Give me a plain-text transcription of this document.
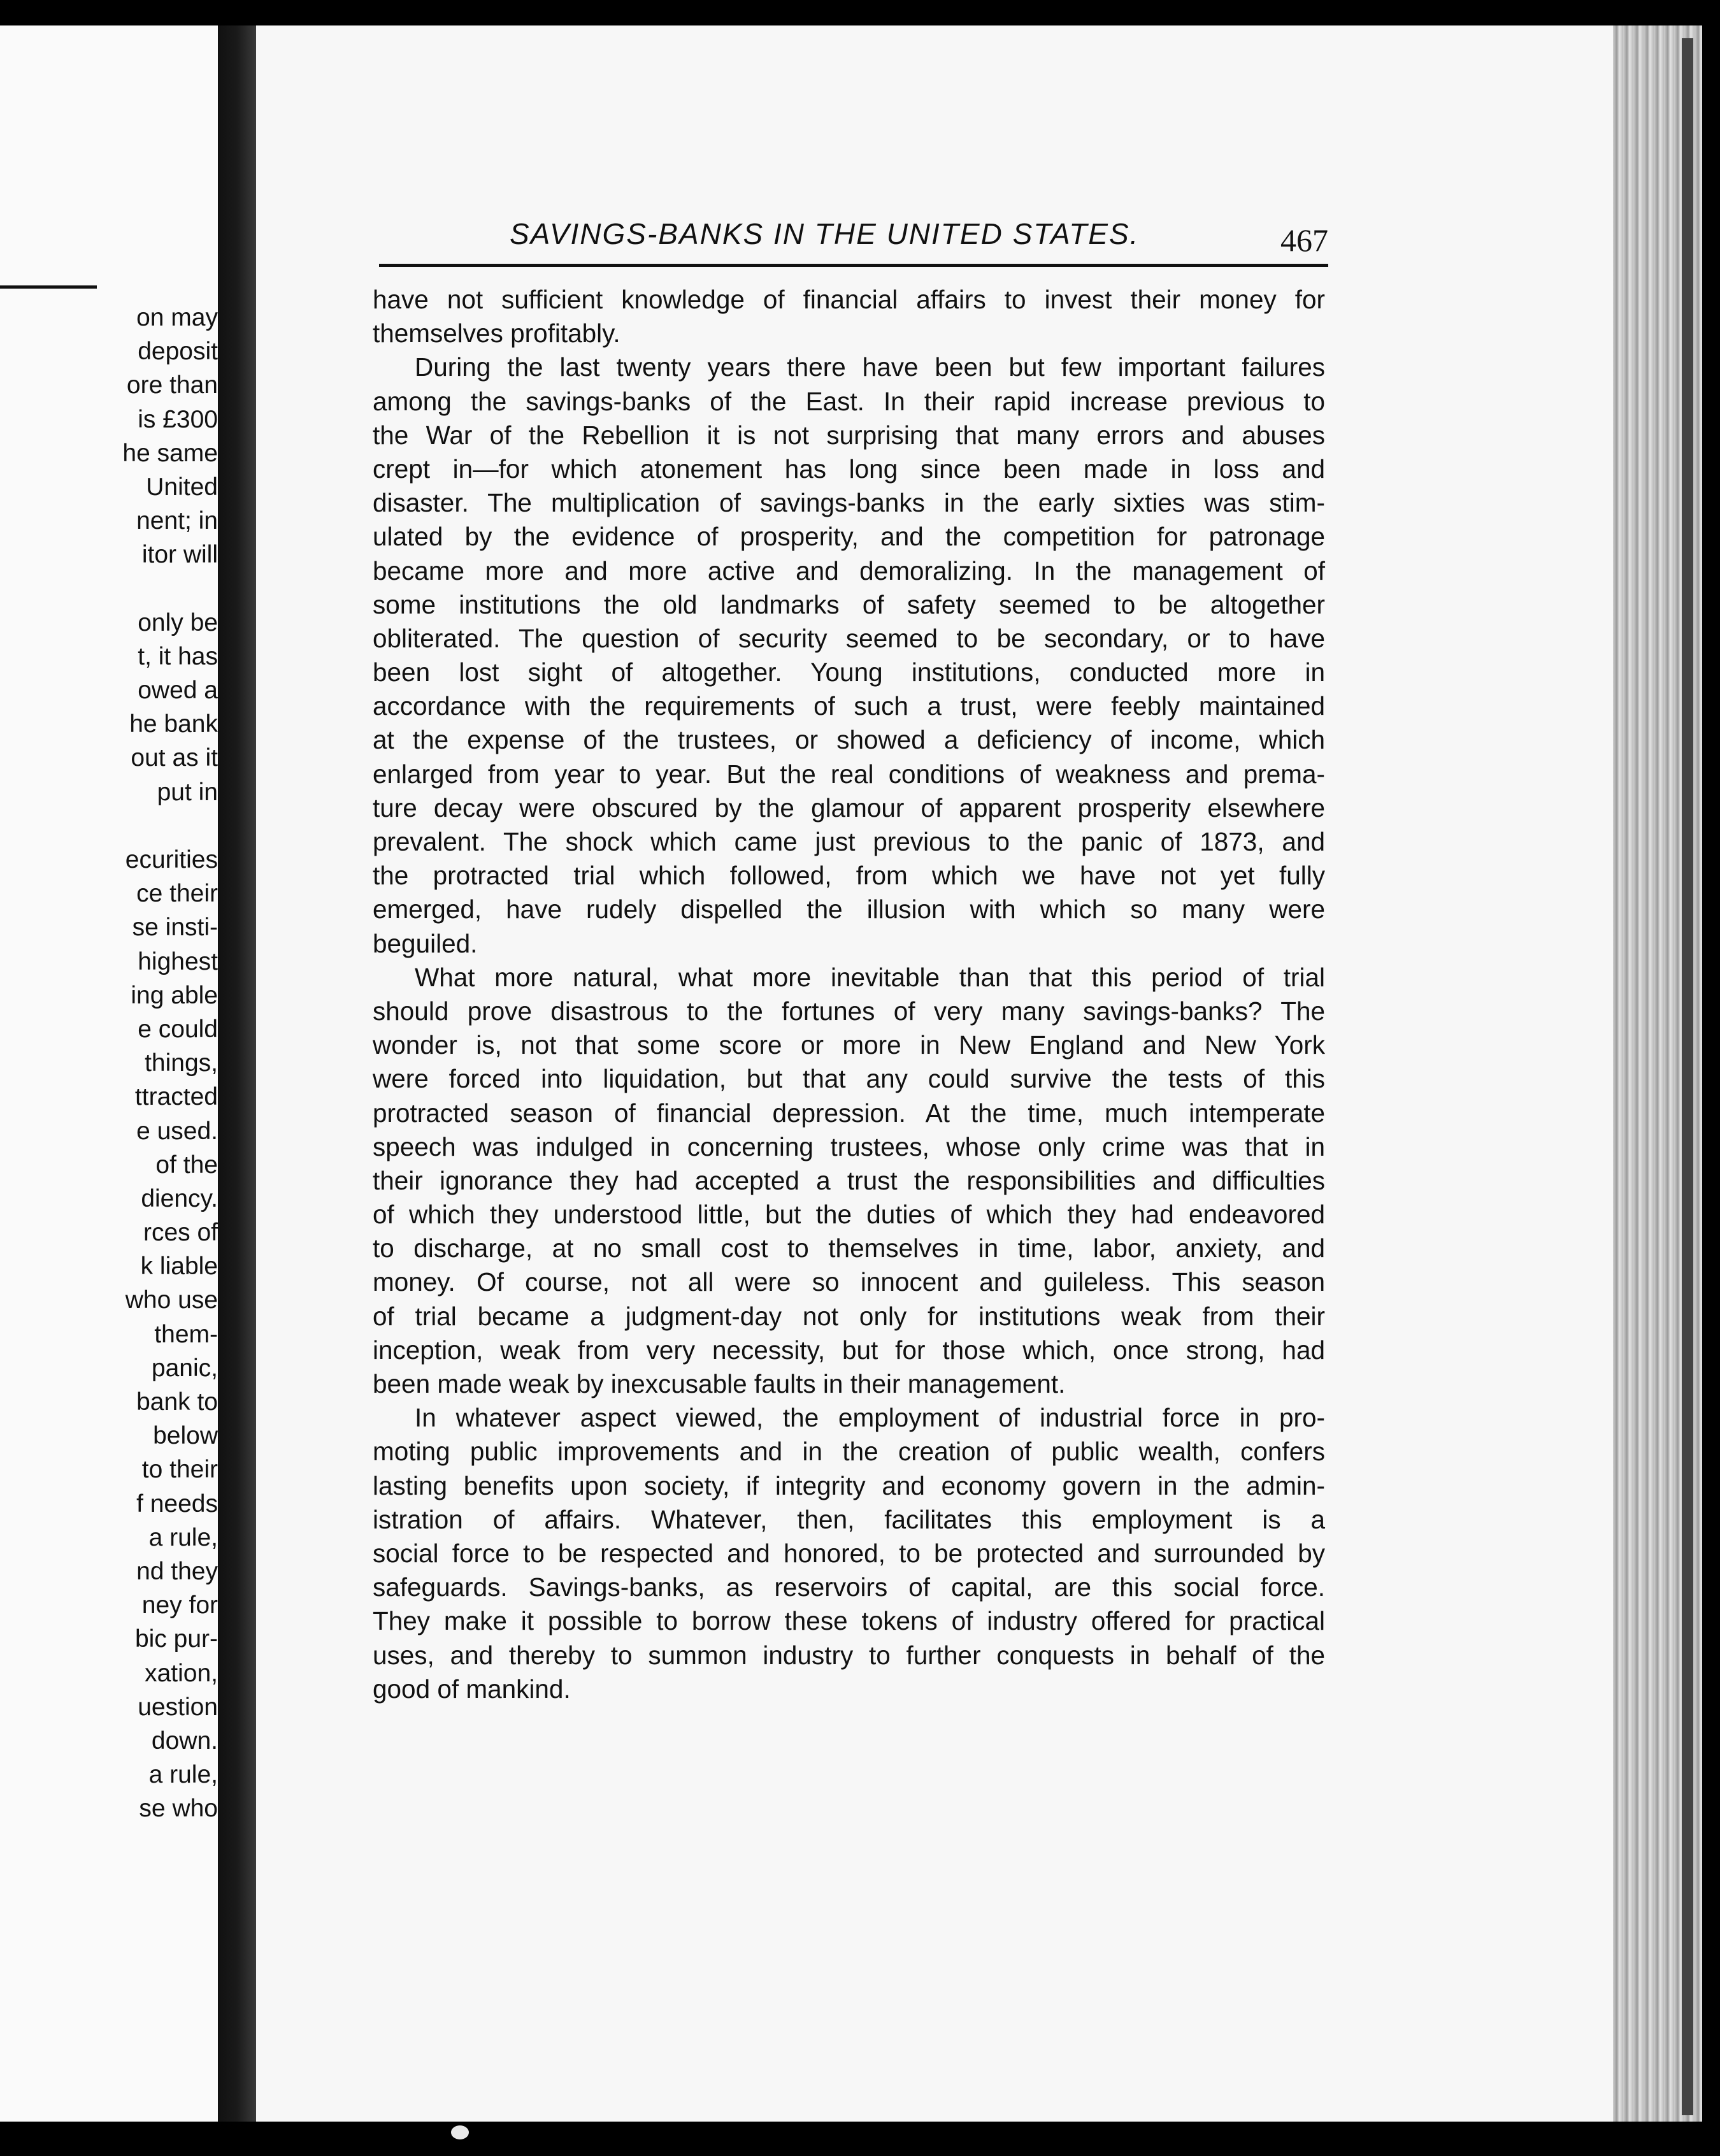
on may
deposit
ore than
is £300
he same
United
nent; in
itor will
only be
t, it has
owed a
he bank
out as it
put in
ecurities
ce their
se insti-
highest
ing able
e could
things,
ttracted
e used.
of the
diency.
rces of
k liable
who use
them-
panic,
bank to
below
to their
f needs
a rule,
nd they
ney for
bic pur-
xation,
uestion
down.
a rule,
se who
SAVINGS-BANKS IN THE UNITED STATES.	467
have not sufficient knowledge of financial affairs to invest their money for
themselves profitably.
During the last twenty years there have been but few important failures
among the savings-banks of the East. In their rapid increase previous to
the War of the Rebellion it is not surprising that many errors and abuses
crept in—for which atonement has long since been made in loss and
disaster. The multiplication of savings-banks in the early sixties was stim-
ulated by the evidence of prosperity, and the competition for patronage
became more and more active and demoralizing. In the management of
some institutions the old landmarks of safety seemed to be altogether
obliterated. The question of security seemed to be secondary, or to have
been lost sight of altogether. Young institutions, conducted more in
accordance with the requirements of such a trust, were feebly maintained
at the expense of the trustees, or showed a deficiency of income, which
enlarged from year to year. But the real conditions of weakness and prema-
ture decay were obscured by the glamour of apparent prosperity elsewhere
prevalent. The shock which came just previous to the panic of 1873, and
the protracted trial which followed, from which we have not yet fully
emerged, have rudely dispelled the illusion with which so many were
beguiled.
What more natural, what more inevitable than that this period of trial
should prove disastrous to the fortunes of very many savings-banks? The
wonder is, not that some score or more in New England and New York
were forced into liquidation, but that any could survive the tests of this
protracted season of financial depression. At the time, much intemperate
speech was indulged in concerning trustees, whose only crime was that in
their ignorance they had accepted a trust the responsibilities and difficulties
of which they understood little, but the duties of which they had endeavored
to discharge, at no small cost to themselves in time, labor, anxiety, and
money. Of course, not all were so innocent and guileless. This season
of trial became a judgment-day not only for institutions weak from their
inception, weak from very necessity, but for those which, once strong, had
been made weak by inexcusable faults in their management.
In whatever aspect viewed, the employment of industrial force in pro-
moting public improvements and in the creation of public wealth, confers
lasting benefits upon society, if integrity and economy govern in the admin-
istration of affairs. Whatever, then, facilitates this employment is a
social force to be respected and honored, to be protected and surrounded by
safeguards. Savings-banks, as reservoirs of capital, are this social force.
They make it possible to borrow these tokens of industry offered for practical
uses, and thereby to summon industry to further conquests in behalf of the
good of mankind.
